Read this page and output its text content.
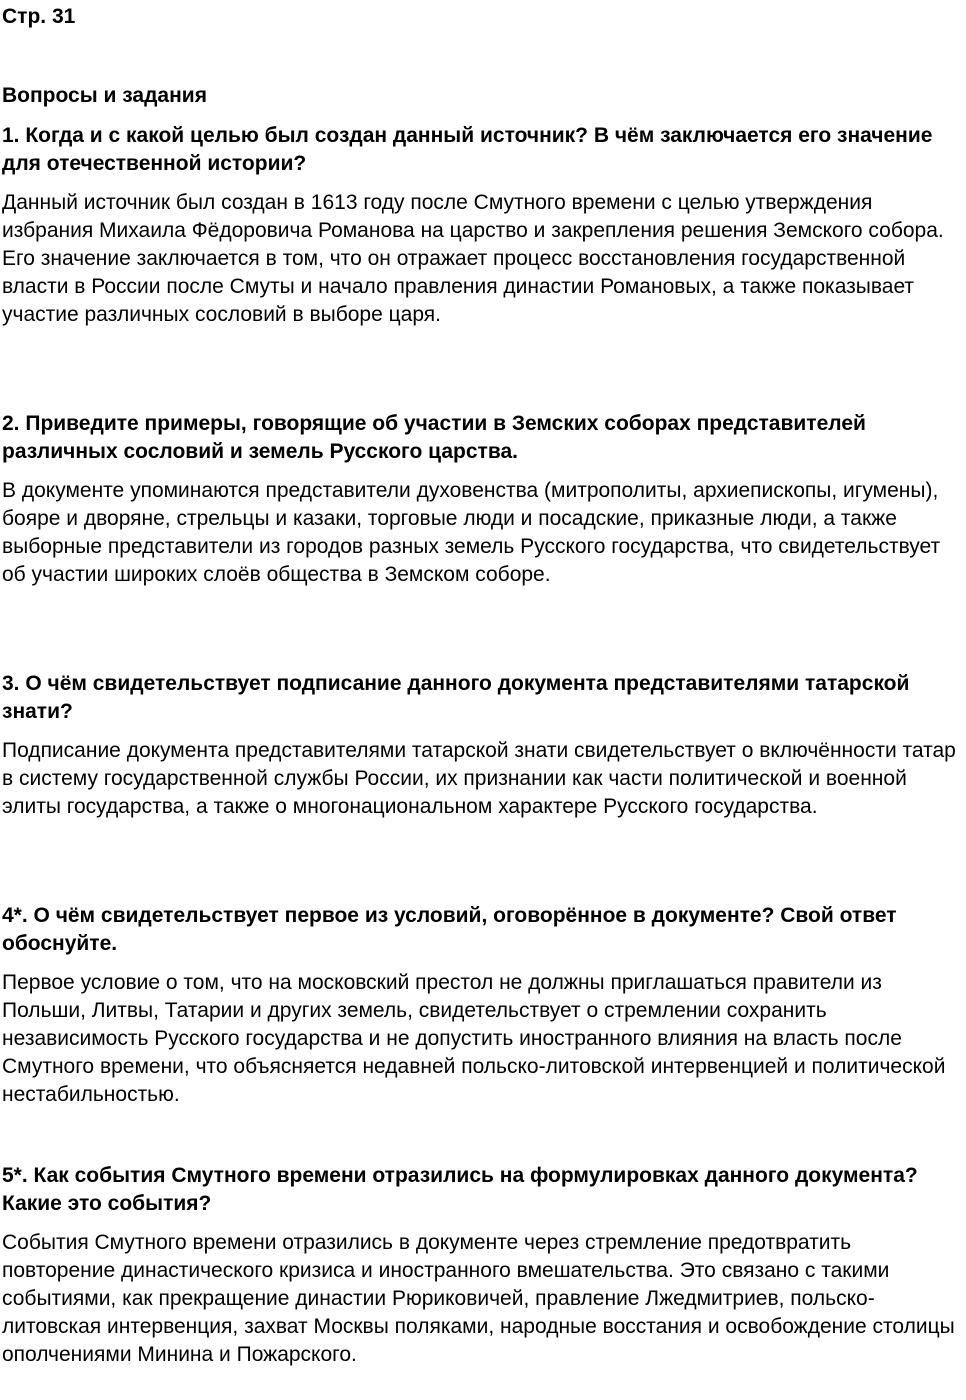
Стр. 31
Вопросы и задания

1. Когда и с какой целью был создан данный источник? В чём заключается его значение для отечественной истории?

Данный источник был создан в 1613 году после Смутного времени с целью утверждения избрания Михаила Фёдоровича Романова на царство и закрепления решения Земского собора. Его значение заключается в том, что он отражает процесс восстановления государственной власти в России после Смуты и начало правления династии Романовых, а также показывает участие различных сословий в выборе царя.

2. Приведите примеры, говорящие об участии в Земских соборах представителей различных сословий и земель Русского царства.

В документе упоминаются представители духовенства (митрополиты, архиепископы, игумены), бояре и дворяне, стрельцы и казаки, торговые люди и посадские, приказные люди, а также выборные представители из городов разных земель Русского государства, что свидетельствует об участии широких слоёв общества в Земском соборе.

3. О чём свидетельствует подписание данного документа представителями татарской знати?

Подписание документа представителями татарской знати свидетельствует о включённости татар в систему государственной службы России, их признании как части политической и военной элиты государства, а также о многонациональном характере Русского государства.

4*. О чём свидетельствует первое из условий, оговорённое в документе? Свой ответ обоснуйте.

Первое условие о том, что на московский престол не должны приглашаться правители из Польши, Литвы, Татарии и других земель, свидетельствует о стремлении сохранить независимость Русского государства и не допустить иностранного влияния на власть после Смутного времени, что объясняется недавней польско-литовской интервенцией и политической нестабильностью.

5*. Как события Смутного времени отразились на формулировках данного документа? Какие это события?

События Смутного времени отразились в документе через стремление предотвратить повторение династического кризиса и иностранного вмешательства. Это связано с такими событиями, как прекращение династии Рюриковичей, правление Лжедмитриев, польско-литовская интервенция, захват Москвы поляками, народные восстания и освобождение столицы ополчениями Минина и Пожарского.
